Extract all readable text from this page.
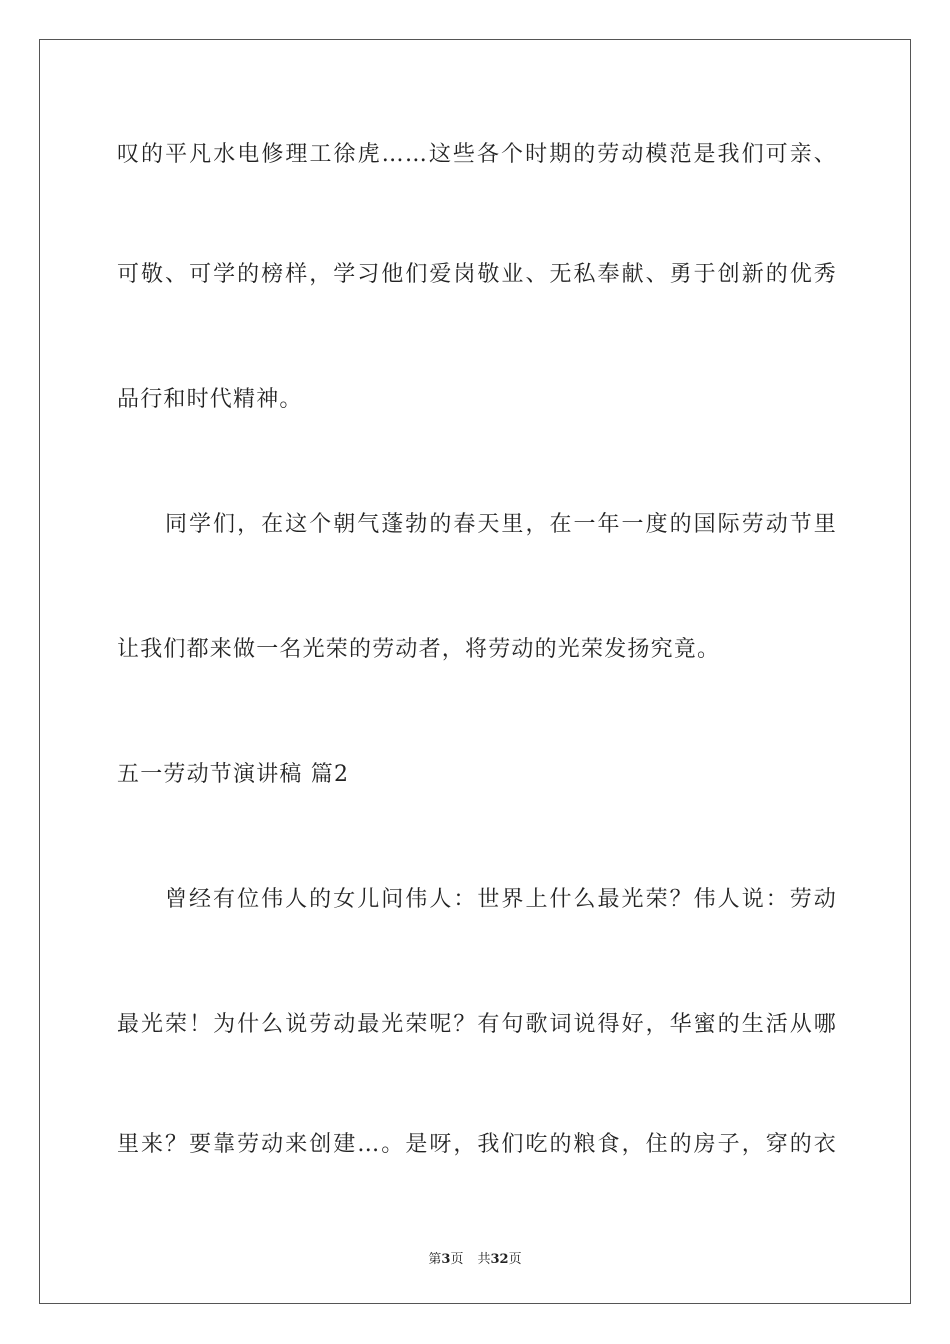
叹的平凡水电修理工徐虎……这些各个时期的劳动模范是我们可亲、
可敬、可学的榜样，学习他们爱岗敬业、无私奉献、勇于创新的优秀
品行和时代精神。
同学们，在这个朝气蓬勃的春天里，在一年一度的国际劳动节里
让我们都来做一名光荣的劳动者，将劳动的光荣发扬究竟。
五一劳动节演讲稿 篇2
曾经有位伟人的女儿问伟人：世界上什么最光荣？伟人说：劳动
最光荣！为什么说劳动最光荣呢？有句歌词说得好，华蜜的生活从哪
里来？要靠劳动来创建…。是呀，我们吃的粮食，住的房子，穿的衣
第3页 共32页
